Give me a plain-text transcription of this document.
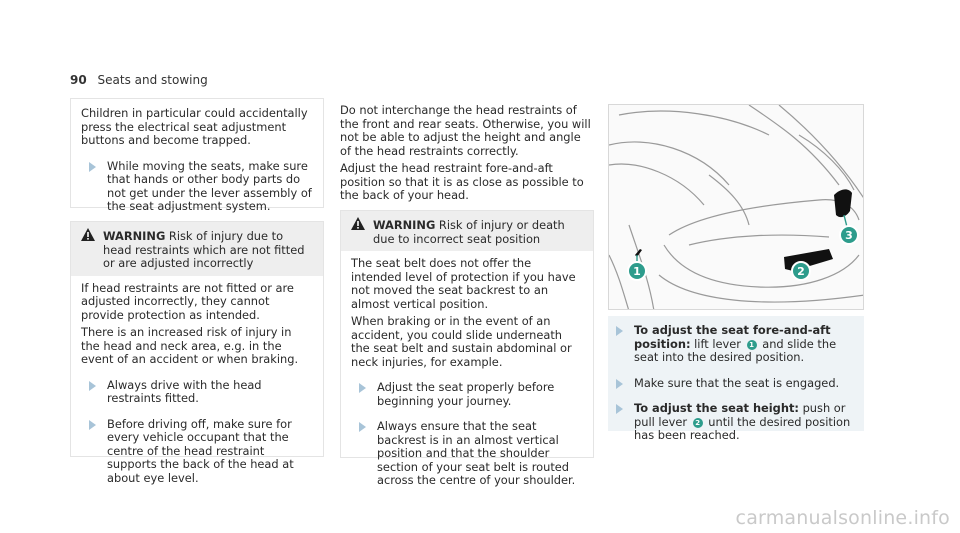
90 Seats and stowing

Children in particular could accidentally press the electrical seat adjustment buttons and become trapped.

While moving the seats, make sure that hands or other body parts do not get under the lever assembly of the seat adjustment system.
WARNING Risk of injury due to head restraints which are not fitted or are adjusted incorrectly

If head restraints are not fitted or are adjusted incorrectly, they cannot provide protection as intended.

There is an increased risk of injury in the head and neck area, e.g. in the event of an accident or when braking.

Always drive with the head restraints fitted.
Before driving off, make sure for every vehicle occupant that the centre of the head restraint supports the back of the head at about eye level.

Do not interchange the head restraints of the front and rear seats. Otherwise, you will not be able to adjust the height and angle of the head restraints correctly.

Adjust the head restraint fore-and-aft position so that it is as close as possible to the back of your head.

WARNING Risk of injury or death due to incorrect seat position

The seat belt does not offer the intended level of protection if you have not moved the seat backrest to an almost vertical position.

When braking or in the event of an accident, you could slide underneath the seat belt and sustain abdominal or neck injuries, for example.

Adjust the seat properly before beginning your journey.
Always ensure that the seat backrest is in an almost vertical position and that the shoulder section of your seat belt is routed across the centre of your shoulder.
1	2
3
To adjust the seat fore-and-aft position: lift lever 1 and slide the seat into the desired position.
Make sure that the seat is engaged.
To adjust the seat height: push or pull lever 2 until the desired position has been reached.
carmanualsonline.info
